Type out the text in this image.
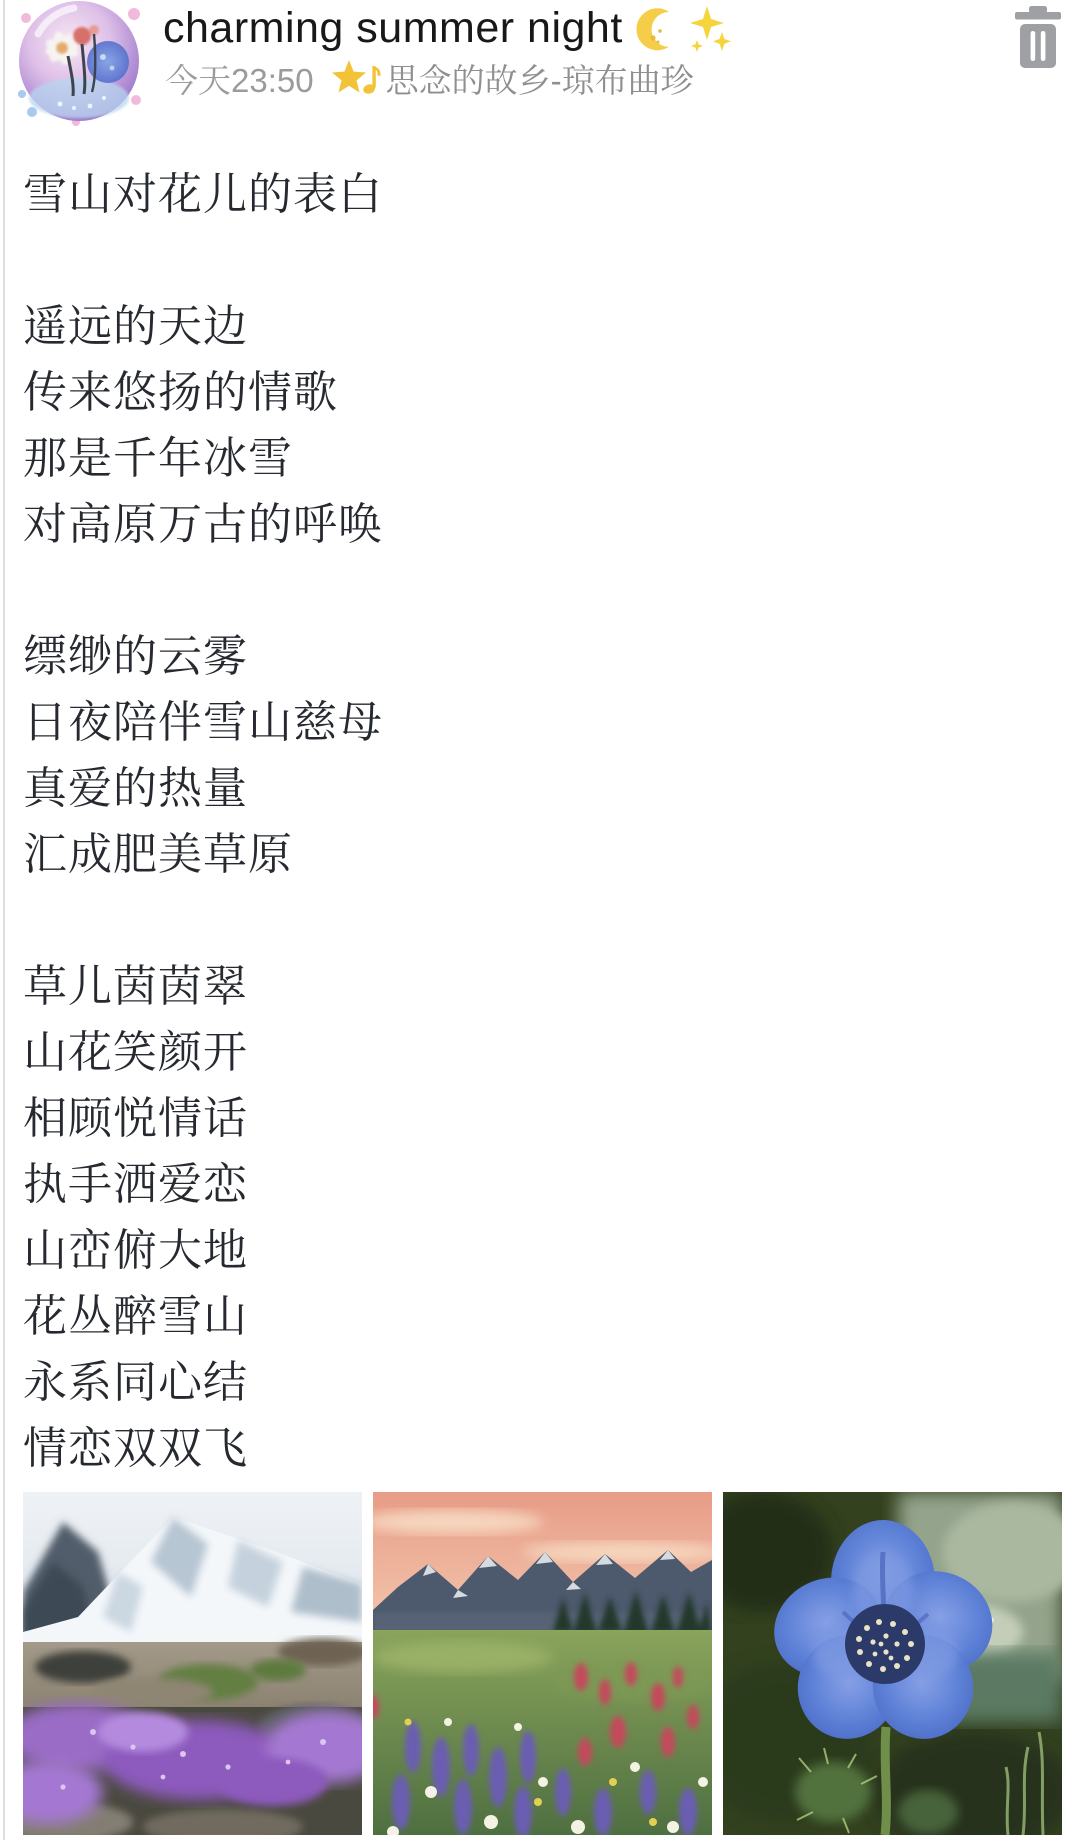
charming summer night
今天23:50 思念的故乡-琼布曲珍
雪山对花儿的表白
遥远的天边
传来悠扬的情歌
那是千年冰雪
对高原万古的呼唤
缥缈的云雾
日夜陪伴雪山慈母
真爱的热量
汇成肥美草原
草儿茵茵翠
山花笑颜开
相顾悦情话
执手洒爱恋
山峦俯大地
花丛醉雪山
永系同心结
情恋双双飞
